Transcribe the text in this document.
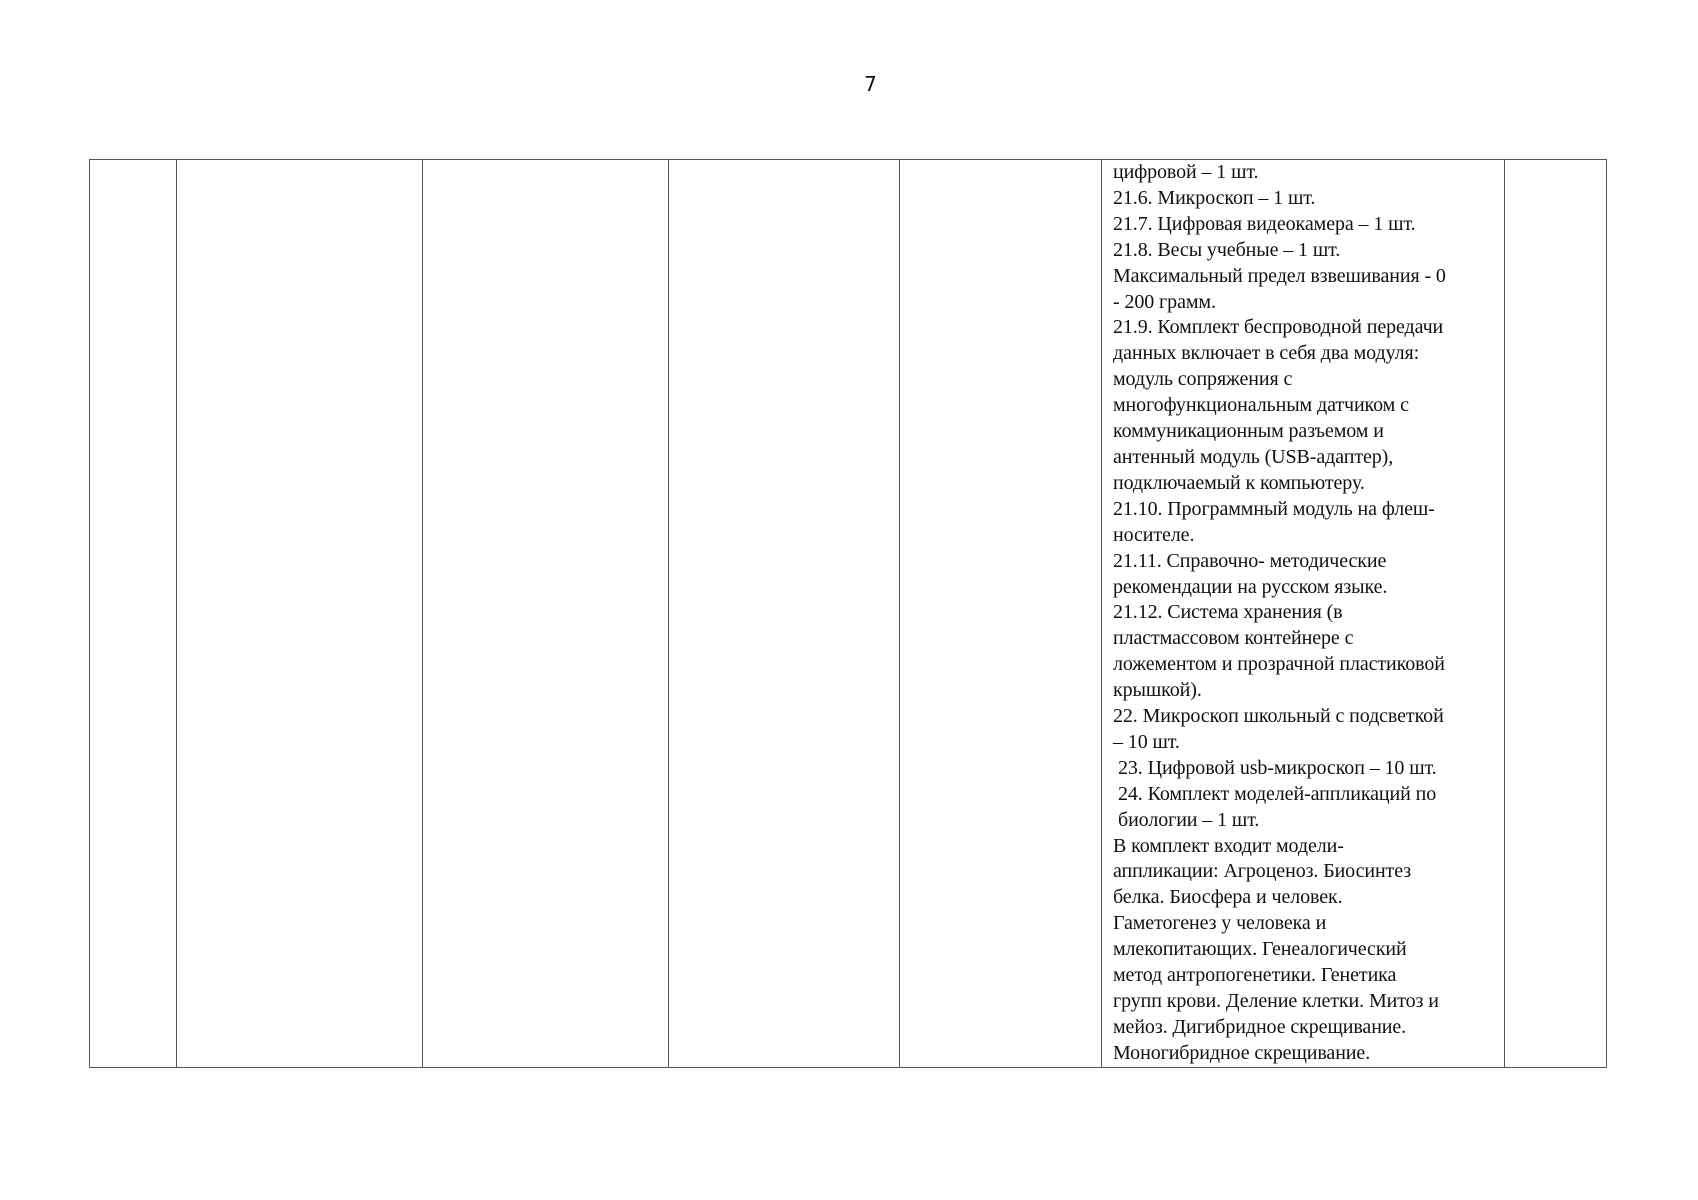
7

цифровой – 1 шт.
21.6. Микроскоп – 1 шт.
21.7. Цифровая видеокамера – 1 шт.
21.8. Весы учебные – 1 шт.
Максимальный предел взвешивания - 0
- 200 грамм.
21.9. Комплект беспроводной передачи
данных включает в себя два модуля:
модуль сопряжения с
многофункциональным датчиком с
коммуникационным разъемом и
антенный модуль (USB-адаптер),
подключаемый к компьютеру.
21.10. Программный модуль на флеш-
носителе.
21.11. Справочно- методические
рекомендации на русском языке.
21.12. Система хранения (в
пластмассовом контейнере с
ложементом и прозрачной пластиковой
крышкой).
22. Микроскоп школьный с подсветкой
– 10 шт.
23. Цифровой usb-микроскоп – 10 шт.
24. Комплект моделей-аппликаций по
биологии – 1 шт.
В комплект входит модели-
аппликации: Агроценоз. Биосинтез
белка. Биосфера и человек.
Гаметогенез у человека и
млекопитающих. Генеалогический
метод антропогенетики. Генетика
групп крови. Деление клетки. Митоз и
мейоз. Дигибридное скрещивание.
Моногибридное скрещивание.
